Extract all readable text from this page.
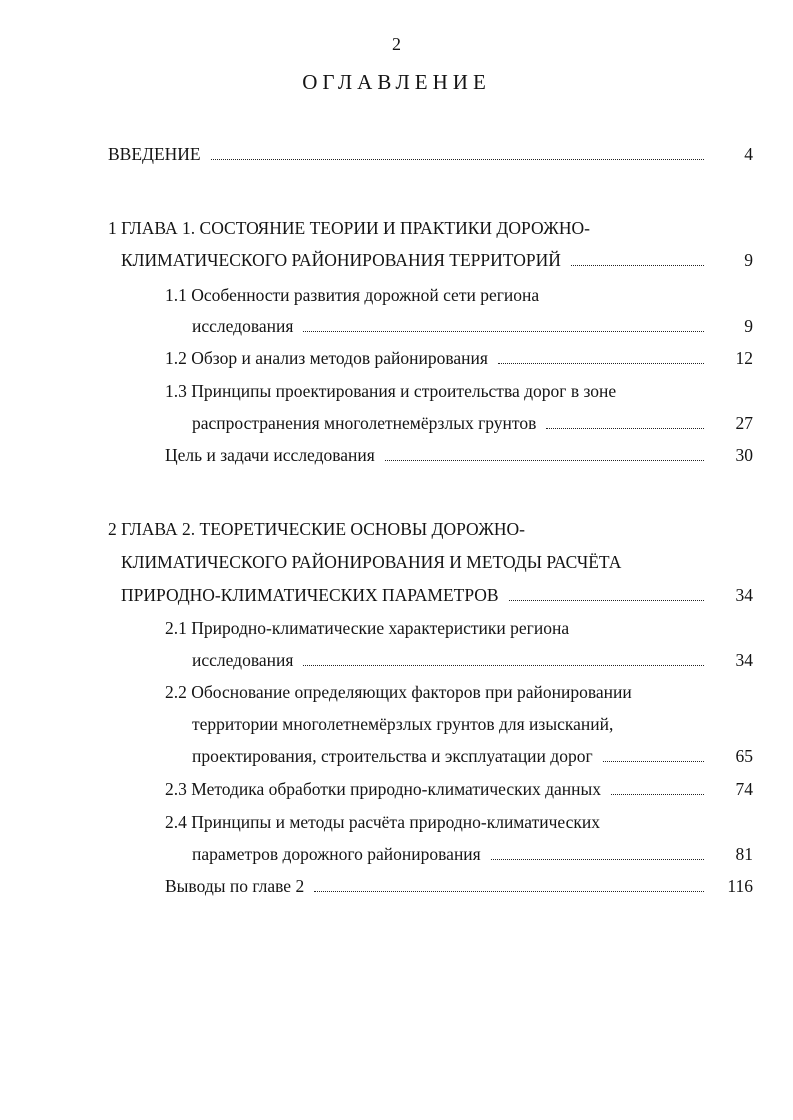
2
ОГЛАВЛЕНИЕ
ВВЕДЕНИЕ	4
1 ГЛАВА 1. СОСТОЯНИЕ ТЕОРИИ И ПРАКТИКИ ДОРОЖНО-
КЛИМАТИЧЕСКОГО РАЙОНИРОВАНИЯ ТЕРРИТОРИЙ	9
1.1 Особенности развития дорожной сети региона
исследования	9
1.2 Обзор и анализ методов районирования	12
1.3 Принципы проектирования и строительства дорог в зоне
распространения многолетнемёрзлых грунтов	27
Цель и задачи исследования	30
2 ГЛАВА 2. ТЕОРЕТИЧЕСКИЕ ОСНОВЫ ДОРОЖНО-
КЛИМАТИЧЕСКОГО РАЙОНИРОВАНИЯ И МЕТОДЫ РАСЧЁТА
ПРИРОДНО-КЛИМАТИЧЕСКИХ ПАРАМЕТРОВ	34
2.1 Природно-климатические характеристики региона
исследования	34
2.2 Обоснование определяющих факторов при районировании
территории многолетнемёрзлых грунтов для изысканий,
проектирования, строительства и эксплуатации дорог	65
2.3 Методика обработки природно-климатических данных	74
2.4 Принципы и методы расчёта природно-климатических
параметров дорожного районирования	81
Выводы по главе 2	116
